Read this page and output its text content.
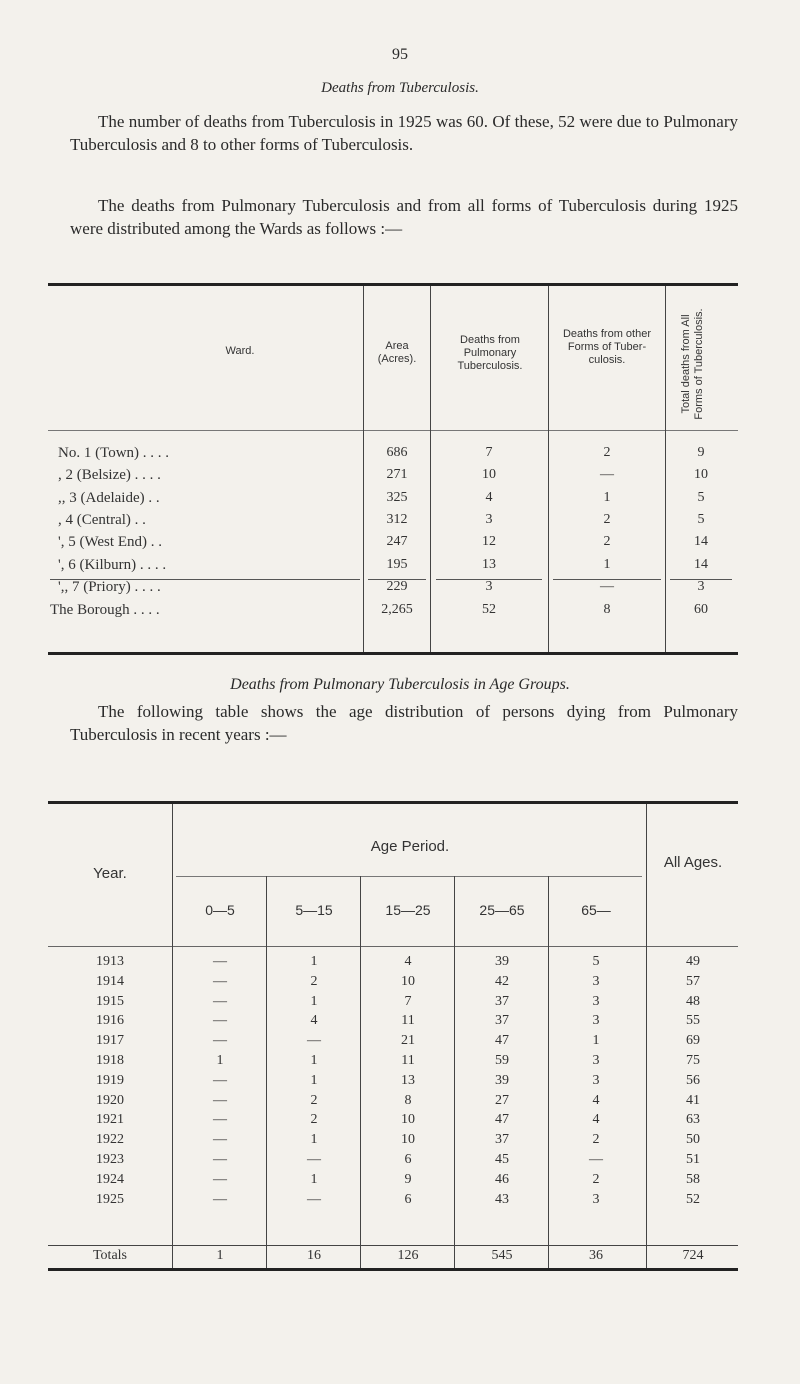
95
Deaths from Tuberculosis.

The number of deaths from Tuberculosis in 1925 was 60. Of these, 52 were due to Pulmonary Tuberculosis and 8 to other forms of Tuberculosis.

The deaths from Pulmonary Tuberculosis and from all forms of Tuberculosis during 1925 were distributed among the Wards as follows :—

Ward.	Area (Acres).
Deaths from Pulmonary Tuberculosis.
Deaths from other Forms of Tuber- culosis.	Total deaths from All Forms of Tuberculosis.
No. 1 (Town) . . . .	686	7	2	9
, 2 (Belsize) . . . .	271	10	—	10
,, 3 (Adelaide) . .	325	4	1	5
, 4 (Central) . .	312	3	2	5
', 5 (West End) . .	247	12	2	14
', 6 (Kilburn) . . . .	195	13	1	14
',, 7 (Priory) . . . .	229	3	—	3
The Borough . . . .	2,265	52	8	60
Deaths from Pulmonary Tuberculosis in Age Groups.

The following table shows the age distribution of persons dying from Pulmonary Tuberculosis in recent years :—

Year.
Age Period.
All Ages.
0—5	5—15	15—25	25—65	65—
1913	—	1	4	39	5	49
1914	—	2	10	42	3	57
1915	—	1	7	37	3	48
1916	—	4	11	37	3	55
1917	—	—	21	47	1	69
1918	1	1	11	59	3	75
1919	—	1	13	39	3	56
1920	—	2	8	27	4	41
1921	—	2	10	47	4	63
1922	—	1	10	37	2	50
1923	—	—	6	45	—	51
1924	—	1	9	46	2	58
1925	—	—	6	43	3	52
Totals	1	16	126	545	36	724
